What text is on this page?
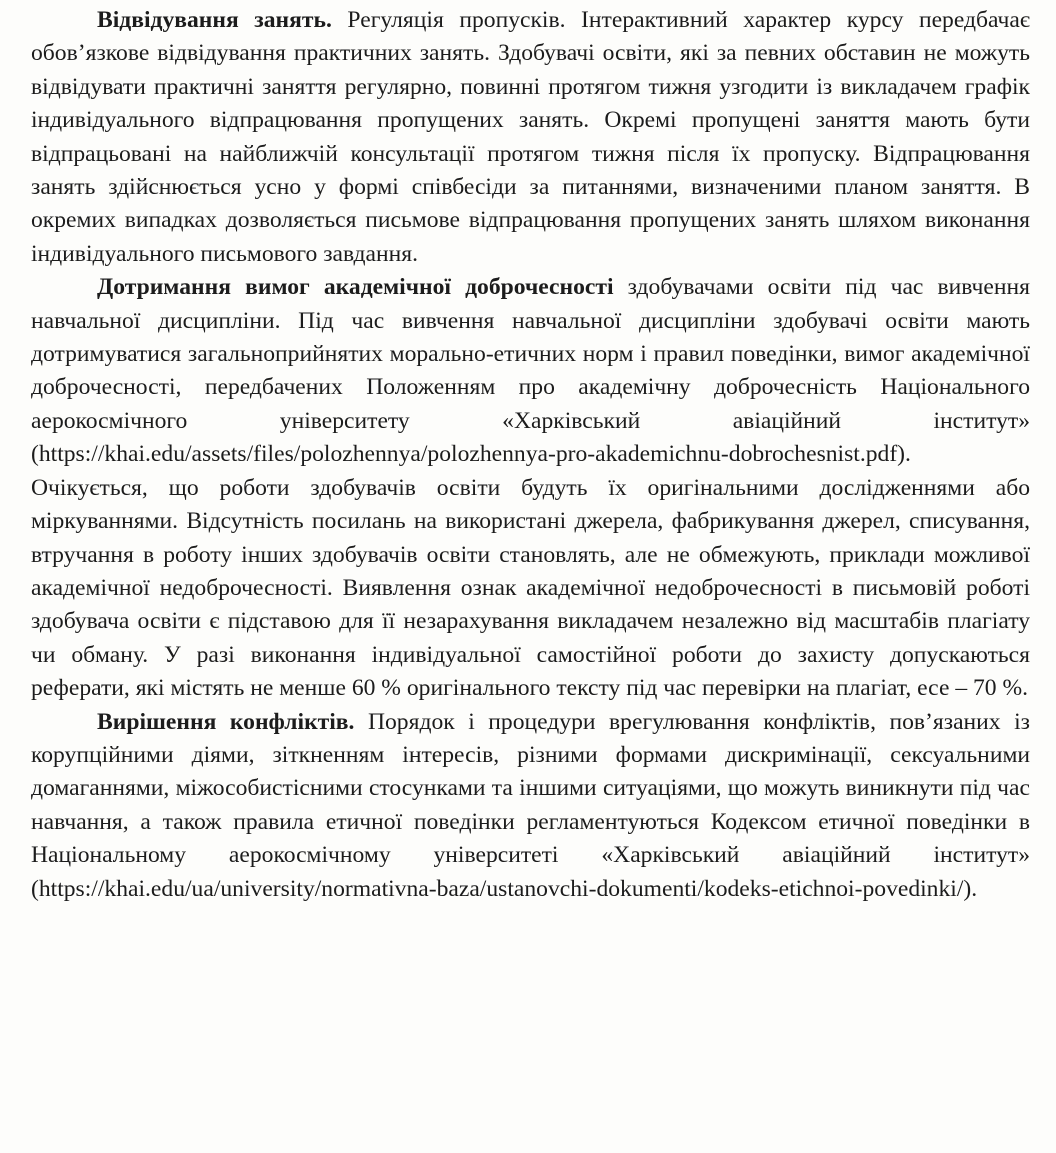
Відвідування занять. Регуляція пропусків. Інтерактивний характер курсу передбачає обов’язкове відвідування практичних занять. Здобувачі освіти, які за певних обставин не можуть відвідувати практичні заняття регулярно, повинні протягом тижня узгодити із викладачем графік індивідуального відпрацювання пропущених занять. Окремі пропущені заняття мають бути відпрацьовані на найближчій консультації протягом тижня після їх пропуску. Відпрацювання занять здійснюється усно у формі співбесіди за питаннями, визначеними планом заняття. В окремих випадках дозволяється письмове відпрацювання пропущених занять шляхом виконання індивідуального письмового завдання.

Дотримання вимог академічної доброчесності здобувачами освіти під час вивчення навчальної дисципліни. Під час вивчення навчальної дисципліни здобувачі освіти мають дотримуватися загальноприйнятих морально-етичних норм і правил поведінки, вимог академічної доброчесності, передбачених Положенням про академічну доброчесність Національного аерокосмічного університету «Харківський авіаційний інститут» (https://khai.edu/assets/files/polozhennya/polozhennya-pro-akademichnu-dobrochesnist.pdf). Очікується, що роботи здобувачів освіти будуть їх оригінальними дослідженнями або міркуваннями. Відсутність посилань на використані джерела, фабрикування джерел, списування, втручання в роботу інших здобувачів освіти становлять, але не обмежують, приклади можливої академічної недоброчесності. Виявлення ознак академічної недоброчесності в письмовій роботі здобувача освіти є підставою для її незарахування викладачем незалежно від масштабів плагіату чи обману. У разі виконання індивідуальної самостійної роботи до захисту допускаються реферати, які містять не менше 60 % оригінального тексту під час перевірки на плагіат, есе – 70 %.

Вирішення конфліктів. Порядок і процедури врегулювання конфліктів, пов’язаних із корупційними діями, зіткненням інтересів, різними формами дискримінації, сексуальними домаганнями, міжособистісними стосунками та іншими ситуаціями, що можуть виникнути під час навчання, а також правила етичної поведінки регламентуються Кодексом етичної поведінки в Національному аерокосмічному університеті «Харківський авіаційний інститут» (https://khai.edu/ua/university/normativna-baza/ustanovchi-dokumenti/kodeks-etichnoi-povedinki/).
